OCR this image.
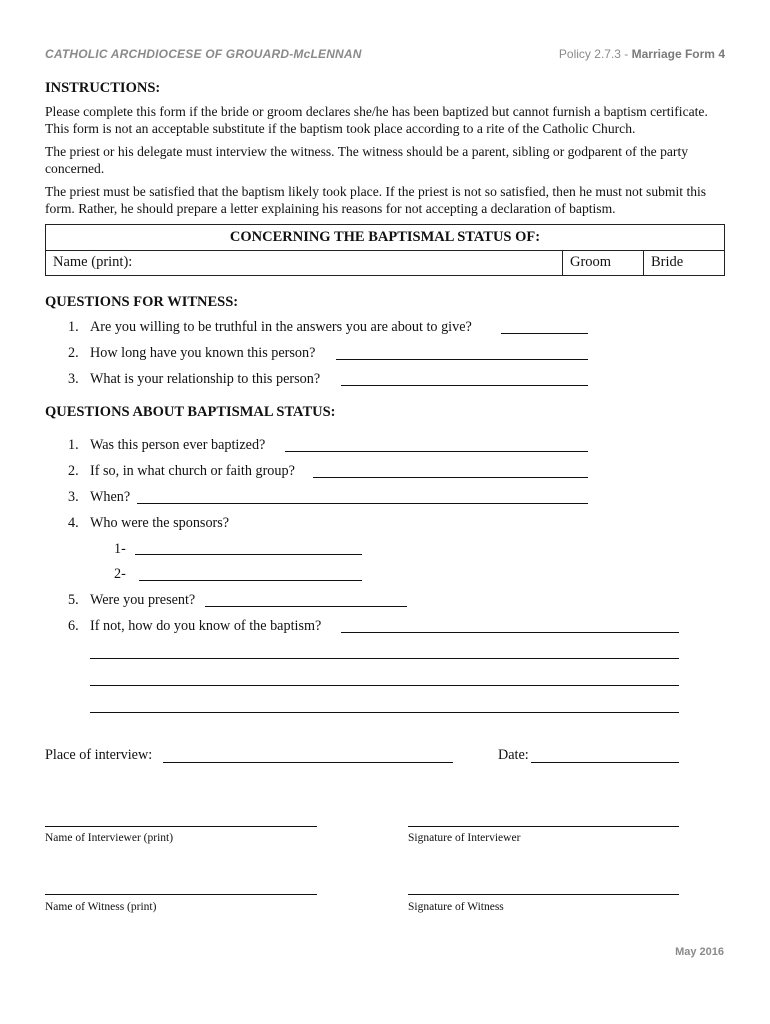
CATHOLIC ARCHDIOCESE OF GROUARD-McLENNAN	Policy 2.7.3 - Marriage Form 4
INSTRUCTIONS:
Please complete this form if the bride or groom declares she/he has been baptized but cannot furnish a baptism certificate. This form is not an acceptable substitute if the baptism took place according to a rite of the Catholic Church.
The priest or his delegate must interview the witness. The witness should be a parent, sibling or godparent of the party concerned.
The priest must be satisfied that the baptism likely took place. If the priest is not so satisfied, then he must not submit this form. Rather, he should prepare a letter explaining his reasons for not accepting a declaration of baptism.
CONCERNING THE BAPTISMAL STATUS OF:
Name (print):	Groom	Bride
QUESTIONS FOR WITNESS:
1. Are you willing to be truthful in the answers you are about to give?
2. How long have you known this person?
3. What is your relationship to this person?
QUESTIONS ABOUT BAPTISMAL STATUS:
1. Was this person ever baptized?
2. If so, in what church or faith group?
3. When?
4. Who were the sponsors?
1-
2-
5. Were you present?
6. If not, how do you know of the baptism?
Place of interview:	Date:
Name of Interviewer (print)	Signature of Interviewer
Name of Witness (print)	Signature of Witness
May 2016
